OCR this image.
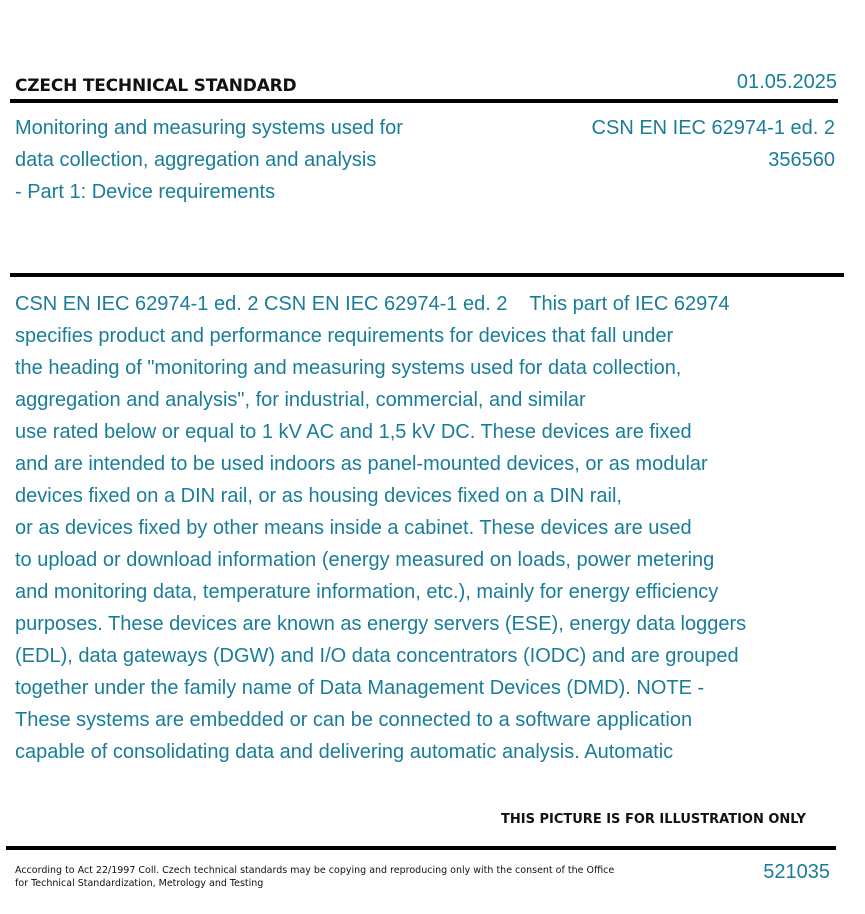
CZECH TECHNICAL STANDARD	01.05.2025
Monitoring and measuring systems used for
data collection, aggregation and analysis
- Part 1: Device requirements
CSN EN IEC 62974-1 ed. 2
356560
CSN EN IEC 62974-1 ed. 2 CSN EN IEC 62974-1 ed. 2    This part of IEC 62974
specifies product and performance requirements for devices that fall under
the heading of "monitoring and measuring systems used for data collection,
aggregation and analysis", for industrial, commercial, and similar
use rated below or equal to 1 kV AC and 1,5 kV DC. These devices are fixed
and are intended to be used indoors as panel-mounted devices, or as modular
devices fixed on a DIN rail, or as housing devices fixed on a DIN rail,
or as devices fixed by other means inside a cabinet. These devices are used
to upload or download information (energy measured on loads, power metering
and monitoring data, temperature information, etc.), mainly for energy efficiency
purposes. These devices are known as energy servers (ESE), energy data loggers
(EDL), data gateways (DGW) and I/O data concentrators (IODC) and are grouped
together under the family name of Data Management Devices (DMD). NOTE -
These systems are embedded or can be connected to a software application
capable of consolidating data and delivering automatic analysis. Automatic
THIS PICTURE IS FOR ILLUSTRATION ONLY
According to Act 22/1997 Coll. Czech technical standards may be copying and reproducing only with the consent of the Office
for Technical Standardization, Metrology and Testing
521035
